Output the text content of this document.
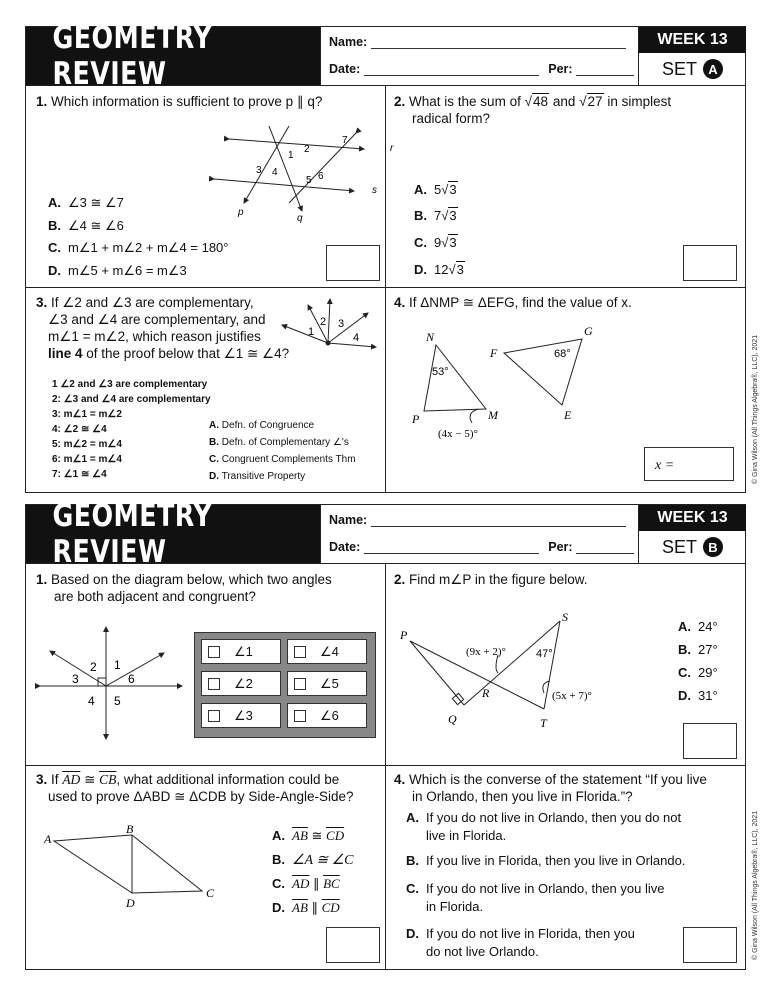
GEOMETRY REVIEW
Name:
Date:	Per:
WEEK 13
SET A
1. Which information is sufficient to prove p ∥ q?
1
2
3 4
5 6
7
r
s
p
q
A. ∠3 ≅ ∠7
B. ∠4 ≅ ∠6
C. m∠1 + m∠2 + m∠4 = 180°
D. m∠5 + m∠6 = m∠3
2. What is the sum of √48 and √27 in simplest
radical form?
A. 5√3
B. 7√3
C. 9√3
D. 12√3
3. If ∠2 and ∠3 are complementary,
∠3 and ∠4 are complementary, and
m∠1 = m∠2, which reason justifies
line 4 of the proof below that ∠1 ≅ ∠4?
1
2 3
4
1 ∠2 and ∠3 are complementary
2: ∠3 and ∠4 are complementary
3: m∠1 = m∠2
4: ∠2 ≅ ∠4
5: m∠2 = m∠4
6: m∠1 = m∠4
7: ∠1 ≅ ∠4
A. Defn. of Congruence
B. Defn. of Complementary ∠'s
C. Congruent Complements Thm
D. Transitive Property
4. If ΔNMP ≅ ΔEFG, find the value of x.
N
P	M
F
G
E
53°
68°
(4x − 5)°
x =	© Gina Wilson (All Things Algebra®, LLC), 2021
GEOMETRY REVIEW
Name:
Date:	Per:
WEEK 13
SET B
1. Based on the diagram below, which two angles
are both adjacent and congruent?
1
2
3
4 5
6
∠1	∠4
∠2	∠5
∠3	∠6
2. Find m∠P in the figure below.
P
S
R
Q	T
(9x + 2)°	47°
(5x + 7)°
A. 24°
B. 27°
C. 29°
D. 31°
3. If $\overline{AD}$ ≅ $\overline{CB}$, what additional information could be
used to prove ΔABD ≅ ΔCDB by Side-Angle-Side?
A
B
C
D
A. $\overline{AB}$ ≅ $\overline{CD}$
B. ∠A ≅ ∠C
C. $\overline{AD}$ ∥ $\overline{BC}$
D. $\overline{AB}$ ∥ $\overline{CD}$
4. Which is the converse of the statement “If you live
in Orlando, then you live in Florida.”?
A. If you do not live in Orlando, then you do not
live in Florida.
B. If you live in Florida, then you live in Orlando.
C. If you do not live in Orlando, then you live
in Florida.
D. If you do not live in Florida, then you
do not live Orlando.	© Gina Wilson (All Things Algebra®, LLC), 2021
